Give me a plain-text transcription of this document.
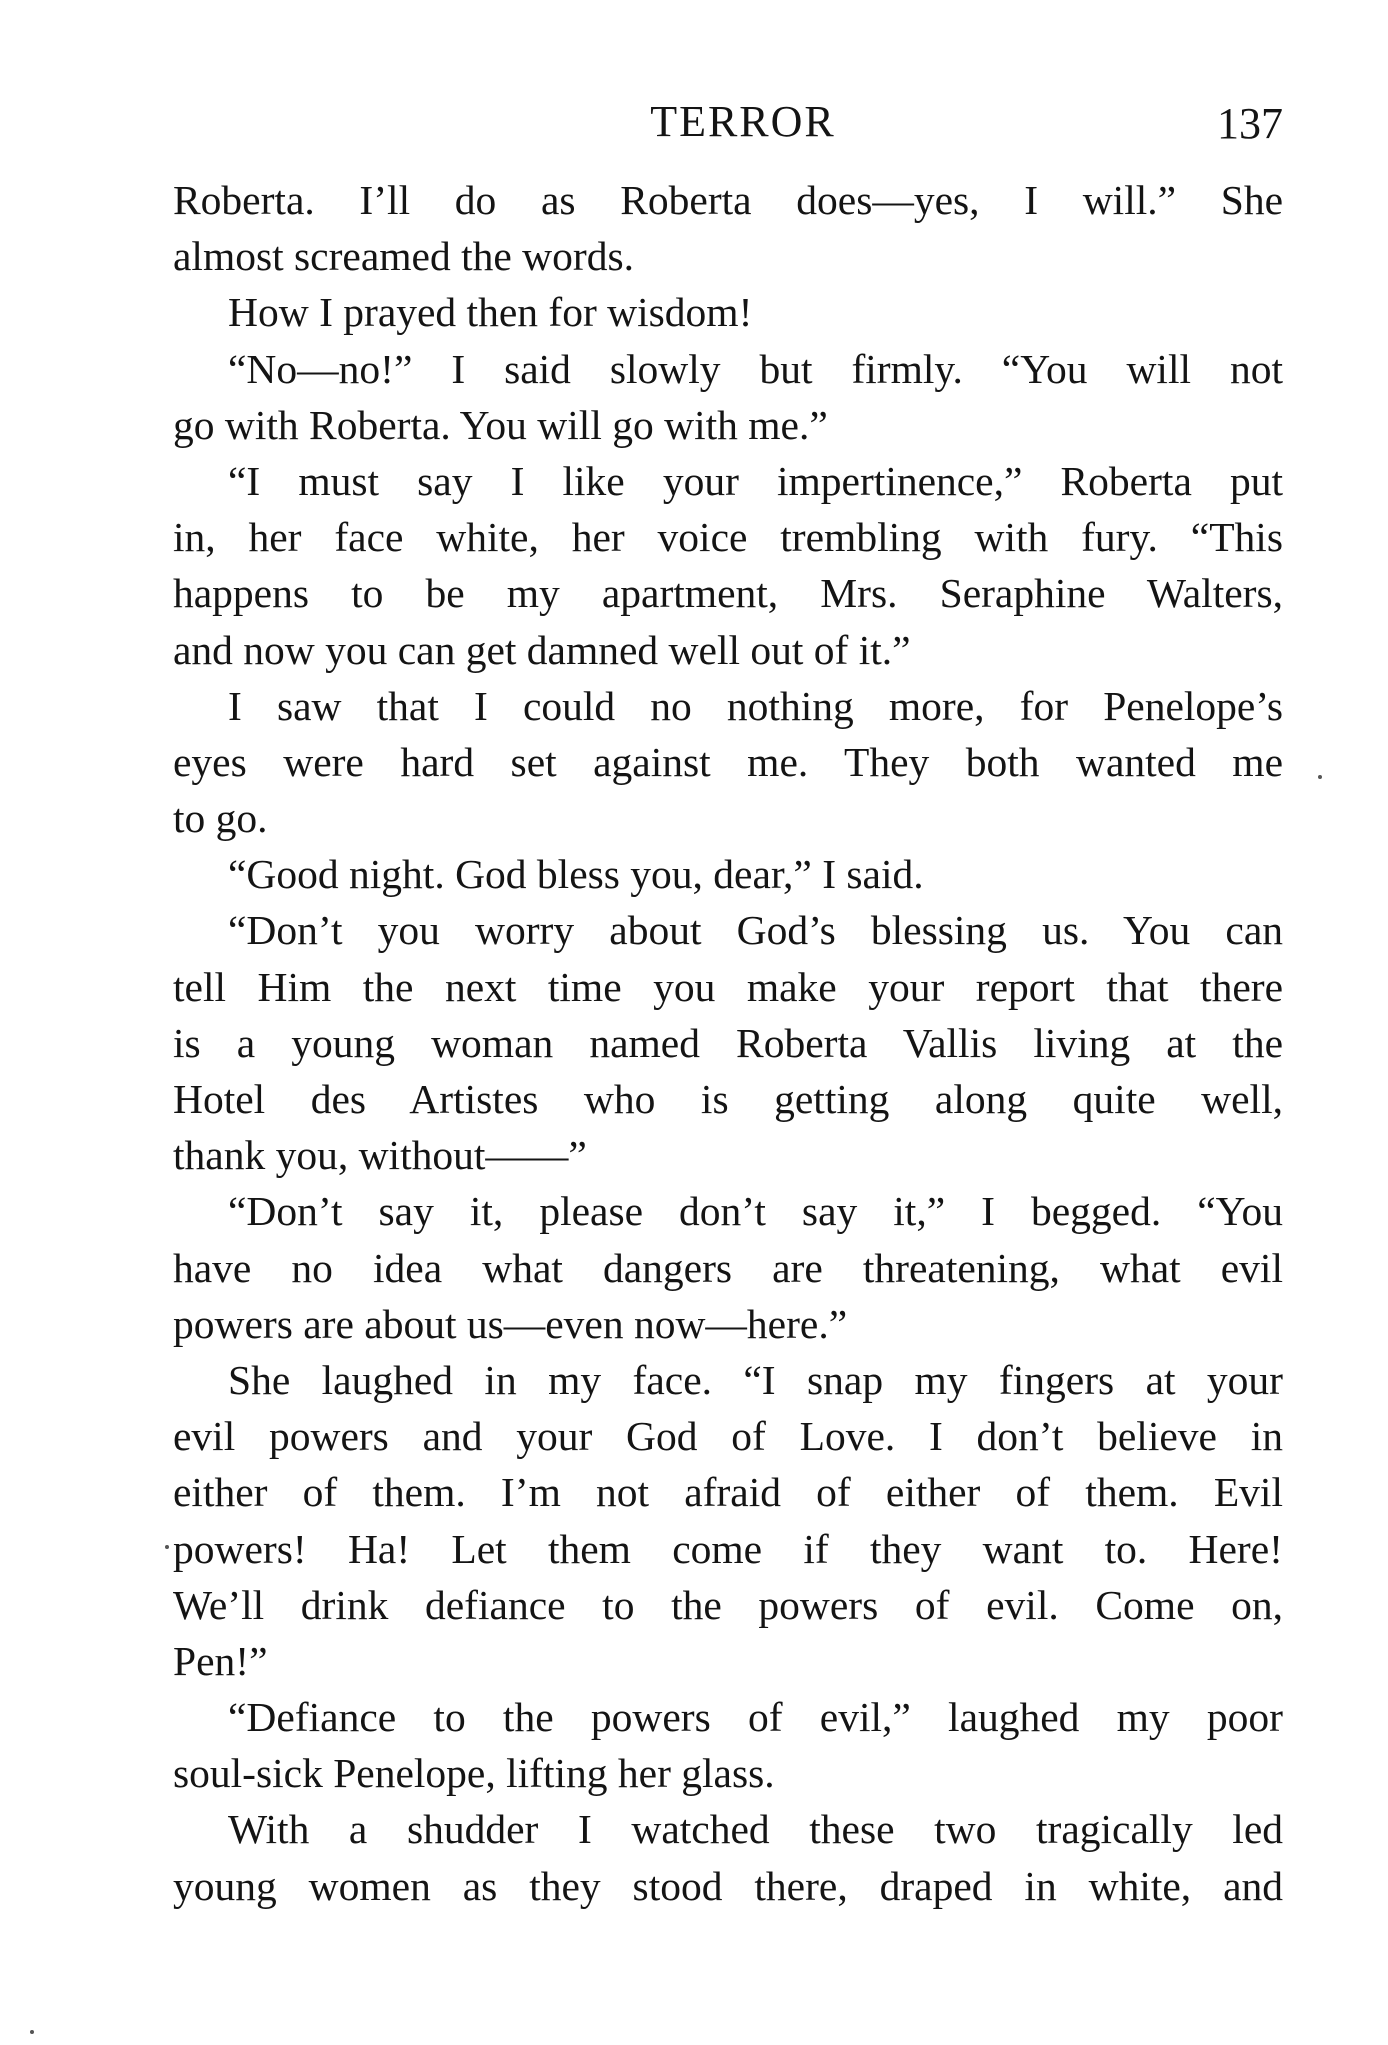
TERROR	137
Roberta. I’ll do as Roberta does—yes, I will.” She
almost screamed the words.
How I prayed then for wisdom!
“No—no!” I said slowly but firmly. “You will not
go with Roberta. You will go with me.”
“I must say I like your impertinence,” Roberta put
in, her face white, her voice trembling with fury. “This
happens to be my apartment, Mrs. Seraphine Walters,
and now you can get damned well out of it.”
I saw that I could no nothing more, for Penelope’s
eyes were hard set against me. They both wanted me
to go.
“Good night. God bless you, dear,” I said.
“Don’t you worry about God’s blessing us. You can
tell Him the next time you make your report that there
is a young woman named Roberta Vallis living at the
Hotel des Artistes who is getting along quite well,
thank you, without——”
“Don’t say it, please don’t say it,” I begged. “You
have no idea what dangers are threatening, what evil
powers are about us—even now—here.”
She laughed in my face. “I snap my fingers at your
evil powers and your God of Love. I don’t believe in
either of them. I’m not afraid of either of them. Evil
powers! Ha! Let them come if they want to. Here!
We’ll drink defiance to the powers of evil. Come on,
Pen!”
“Defiance to the powers of evil,” laughed my poor
soul-sick Penelope, lifting her glass.
With a shudder I watched these two tragically led
young women as they stood there, draped in white, and
